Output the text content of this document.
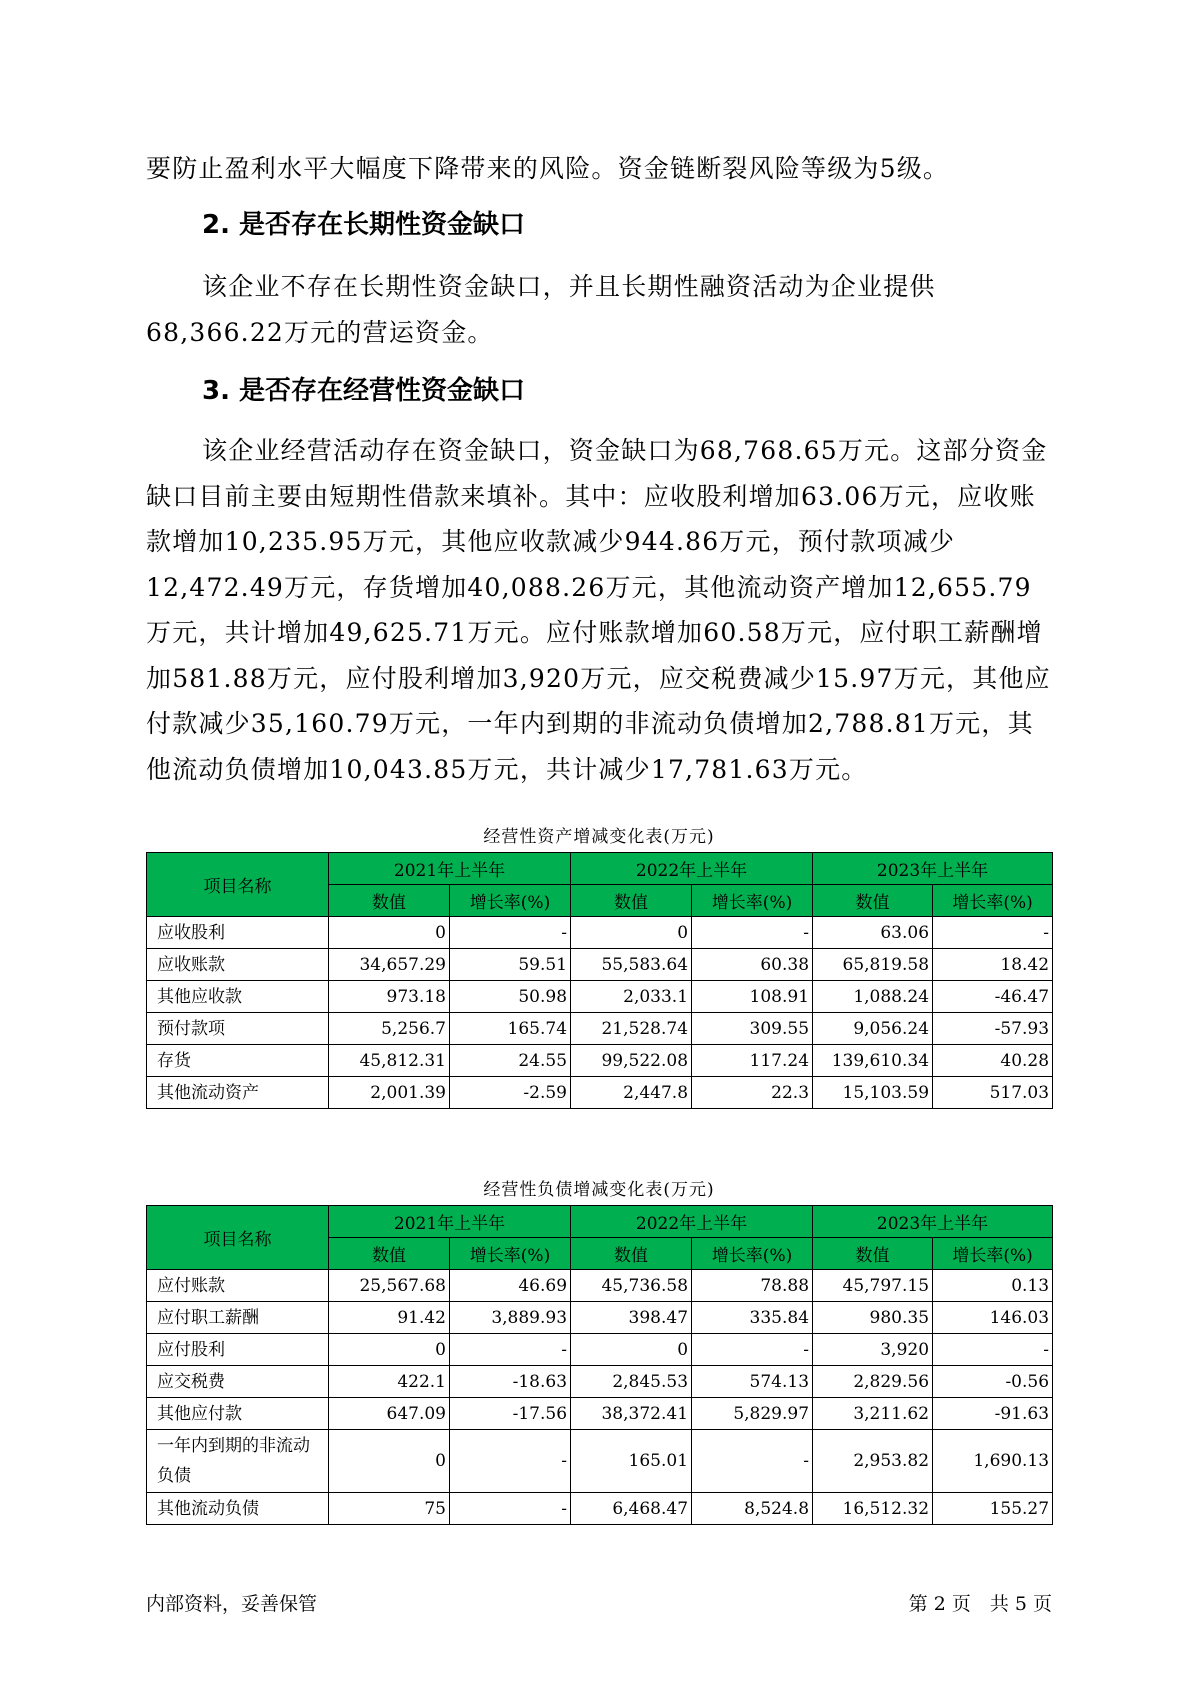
要防止盈利水平大幅度下降带来的风险。资金链断裂风险等级为5级。

2. 是否存在长期性资金缺口

该企业不存在长期性资金缺口，并且长期性融资活动为企业提供68,366.22万元的营运资金。

3. 是否存在经营性资金缺口

该企业经营活动存在资金缺口，资金缺口为68,768.65万元。这部分资金缺口目前主要由短期性借款来填补。其中：应收股利增加63.06万元，应收账款增加10,235.95万元，其他应收款减少944.86万元，预付款项减少12,472.49万元，存货增加40,088.26万元，其他流动资产增加12,655.79万元，共计增加49,625.71万元。应付账款增加60.58万元，应付职工薪酬增加581.88万元，应付股利增加3,920万元，应交税费减少15.97万元，其他应付款减少35,160.79万元，一年内到期的非流动负债增加2,788.81万元，其他流动负债增加10,043.85万元，共计减少17,781.63万元。

经营性资产增减变化表(万元)
项目名称	2021年上半年		2022年上半年		2023年上半年	
	数值	增长率(%)	数值	增长率(%)	数值	增长率(%)
应收股利	0	-	0	-	63.06	-
应收账款	34,657.29	59.51	55,583.64	60.38	65,819.58	18.42
其他应收款	973.18	50.98	2,033.1	108.91	1,088.24	-46.47
预付款项	5,256.7	165.74	21,528.74	309.55	9,056.24	-57.93
存货	45,812.31	24.55	99,522.08	117.24	139,610.34	40.28
其他流动资产	2,001.39	-2.59	2,447.8	22.3	15,103.59	517.03
经营性负债增减变化表(万元)
项目名称	2021年上半年		2022年上半年		2023年上半年	
	数值	增长率(%)	数值	增长率(%)	数值	增长率(%)
应付账款	25,567.68	46.69	45,736.58	78.88	45,797.15	0.13
应付职工薪酬	91.42	3,889.93	398.47	335.84	980.35	146.03
应付股利	0	-	0	-	3,920	-
应交税费	422.1	-18.63	2,845.53	574.13	2,829.56	-0.56
其他应付款	647.09	-17.56	38,372.41	5,829.97	3,211.62	-91.63
一年内到期的非流动负债	0	-	165.01	-	2,953.82	1,690.13
其他流动负债	75	-	6,468.47	8,524.8	16,512.32	155.27
内部资料，妥善保管	第 2 页　共 5 页
